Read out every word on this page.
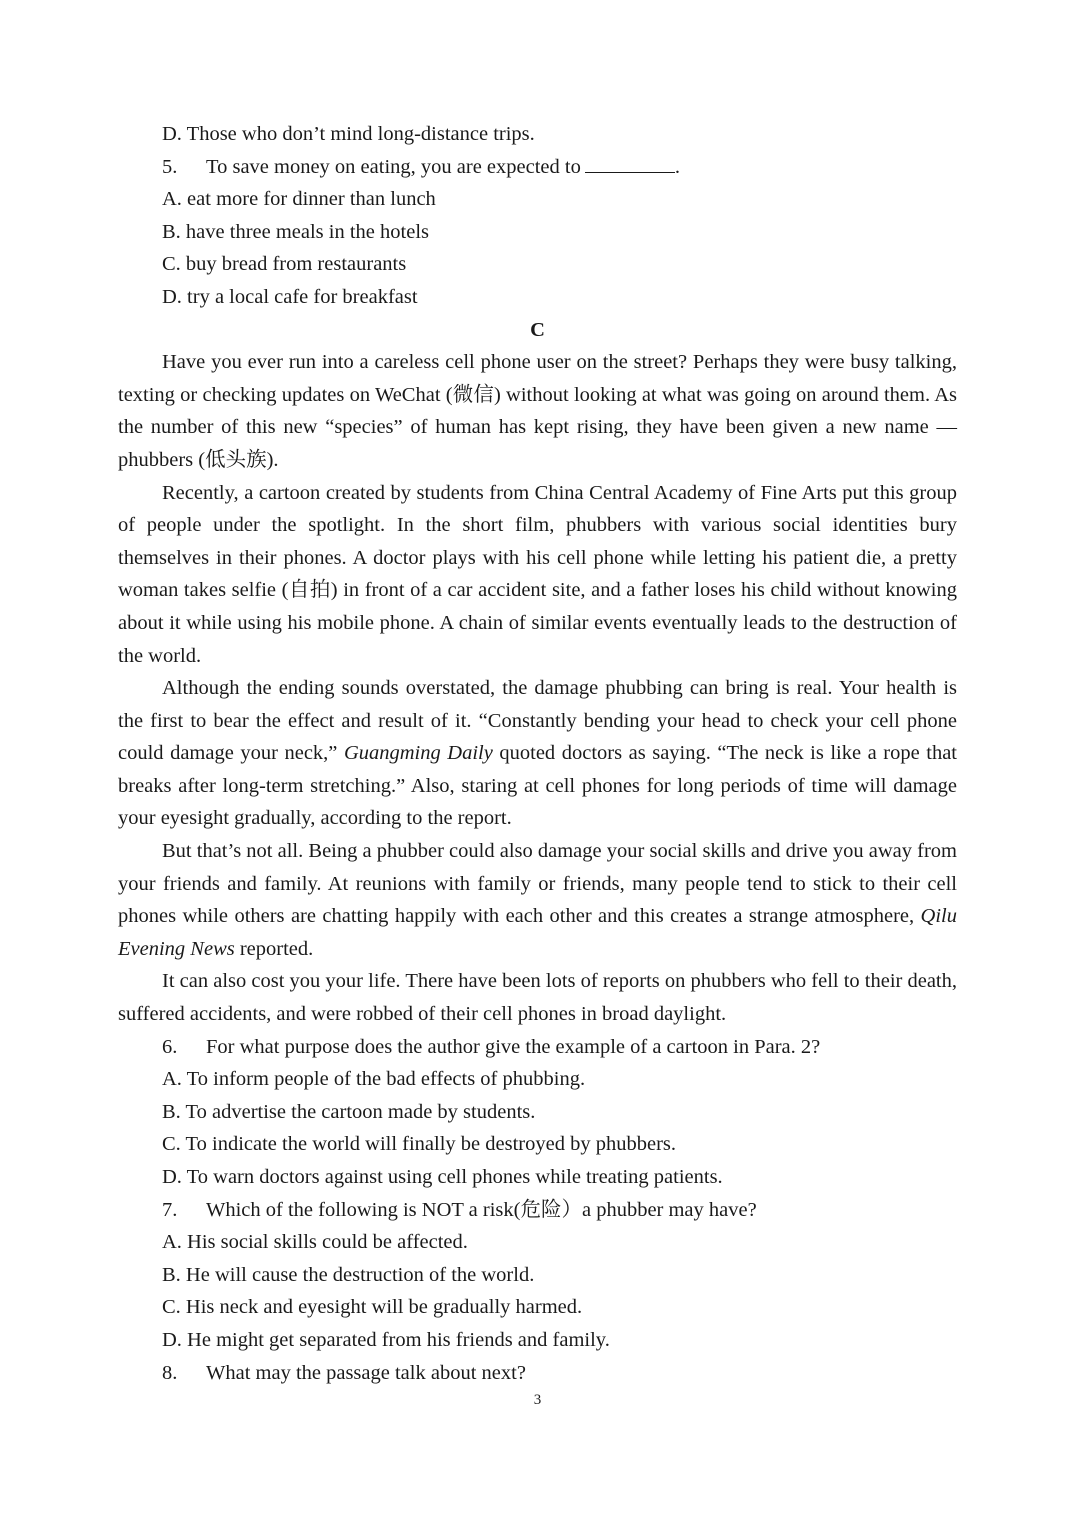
D. Those who don’t mind long-distance trips.
5. To save money on eating, you are expected to	.
A. eat more for dinner than lunch
B. have three meals in the hotels
C. buy bread from restaurants
D. try a local cafe for breakfast
C

Have you ever run into a careless cell phone user on the street? Perhaps they were busy talking, texting or checking updates on WeChat (微信) without looking at what was going on around them. As the number of this new “species” of human has kept rising, they have been given a new name — phubbers (低头族).

Recently, a cartoon created by students from China Central Academy of Fine Arts put this group of people under the spotlight. In the short film, phubbers with various social identities bury themselves in their phones. A doctor plays with his cell phone while letting his patient die, a pretty woman takes selfie (自拍) in front of a car accident site, and a father loses his child without knowing about it while using his mobile phone. A chain of similar events eventually leads to the destruction of the world.

Although the ending sounds overstated, the damage phubbing can bring is real. Your health is the first to bear the effect and result of it. “Constantly bending your head to check your cell phone could damage your neck,” Guangming Daily quoted doctors as saying. “The neck is like a rope that breaks after long-term stretching.” Also, staring at cell phones for long periods of time will damage your eyesight gradually, according to the report.

But that’s not all. Being a phubber could also damage your social skills and drive you away from your friends and family. At reunions with family or friends, many people tend to stick to their cell phones while others are chatting happily with each other and this creates a strange atmosphere, Qilu Evening News reported.

It can also cost you your life. There have been lots of reports on phubbers who fell to their death, suffered accidents, and were robbed of their cell phones in broad daylight.

6. For what purpose does the author give the example of a cartoon in Para. 2?
A. To inform people of the bad effects of phubbing.
B. To advertise the cartoon made by students.
C. To indicate the world will finally be destroyed by phubbers.
D. To warn doctors against using cell phones while treating patients.
7. Which of the following is NOT a risk(危险）a phubber may have?
A. His social skills could be affected.
B. He will cause the destruction of the world.
C. His neck and eyesight will be gradually harmed.
D. He might get separated from his friends and family.
8. What may the passage talk about next?
3
